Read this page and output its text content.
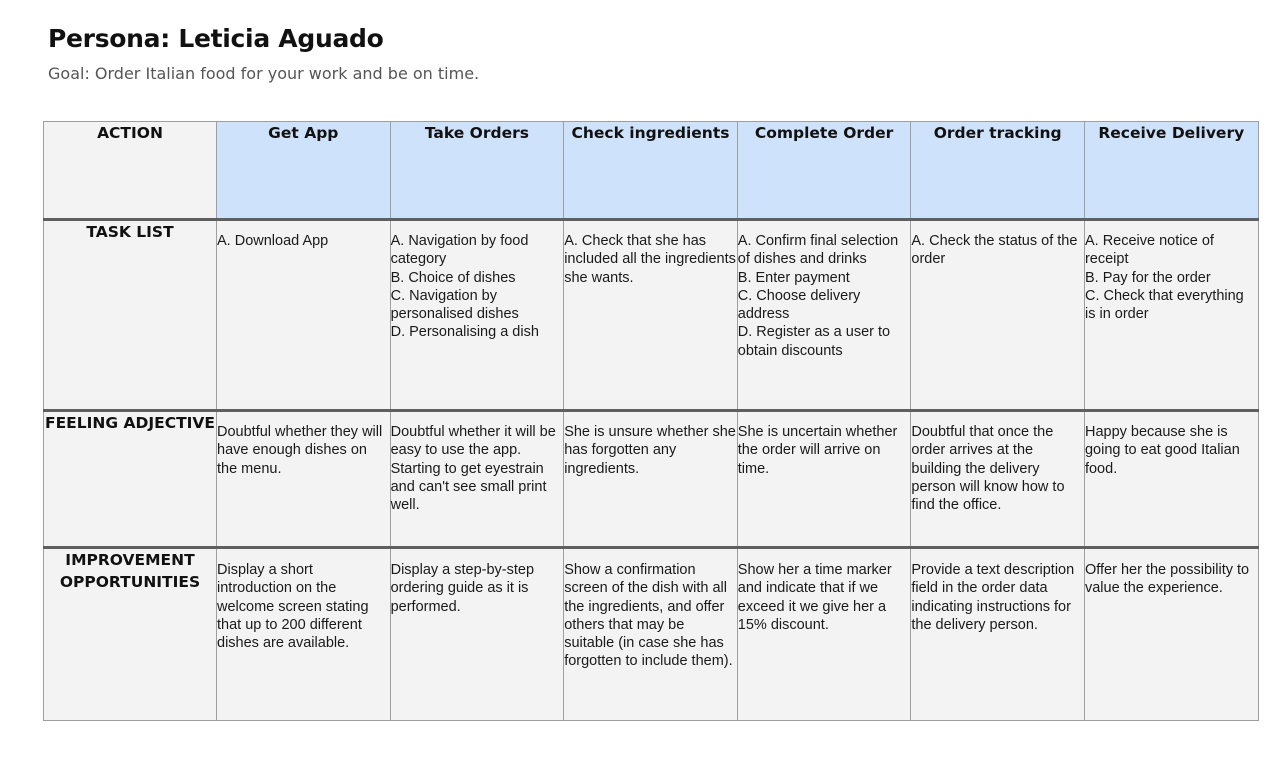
Persona: Leticia Aguado

Goal: Order Italian food for your work and be on time.

ACTION	Get App	Take Orders	Check ingredients	Complete Order	Order tracking	Receive Delivery
TASK LIST	A. Download App	A. Navigation by food category
B. Choice of dishes
C. Navigation by personalised dishes
D. Personalising a dish	A. Check that she has included all the ingredients she wants.	A. Confirm final selection of dishes and drinks
B. Enter payment
C. Choose delivery address
D. Register as a user to obtain discounts	A. Check the status of the order	A. Receive notice of receipt
B. Pay for the order
C. Check that everything is in order

FEELING ADJECTIVE	Doubtful whether they will have enough dishes on the menu.	Doubtful whether it will be easy to use the app. Starting to get eyestrain and can't see small print well.	She is unsure whether she has forgotten any ingredients.	She is uncertain whether the order will arrive on time.	Doubtful that once the order arrives at the building the delivery person will know how to find the office.	Happy because she is going to eat good Italian food.

IMPROVEMENT OPPORTUNITIES	Display a short introduction on the welcome screen stating that up to 200 different dishes are available.	Display a step-by-step ordering guide as it is performed.	Show a confirmation screen of the dish with all the ingredients, and offer others that may be suitable (in case she has forgotten to include them).	Show her a time marker and indicate that if we exceed it we give her a 15% discount.	Provide a text description field in the order data indicating instructions for the delivery person.	Offer her the possibility to value the experience.
